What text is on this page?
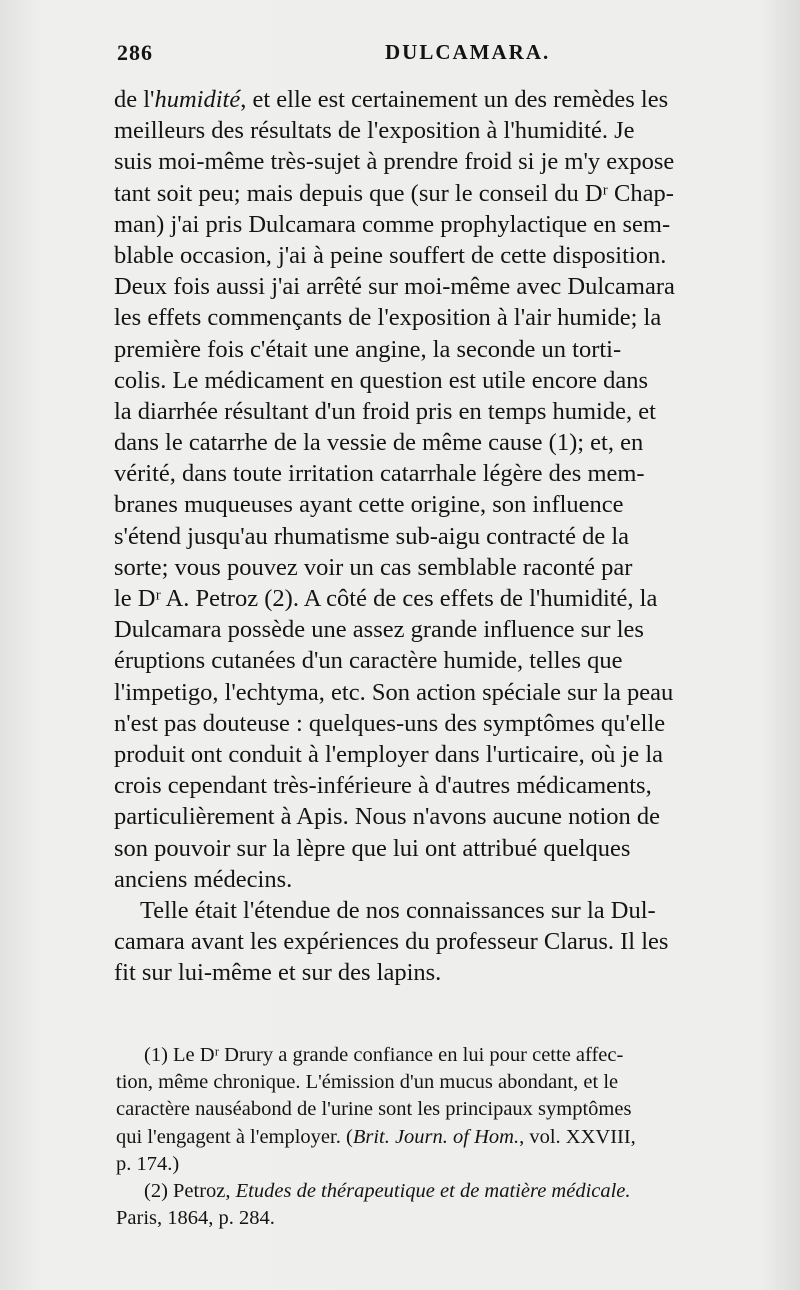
286	DULCAMARA.
de l'humidité, et elle est certainement un des remèdes les
meilleurs des résultats de l'exposition à l'humidité. Je
suis moi-même très-sujet à prendre froid si je m'y expose
tant soit peu; mais depuis que (sur le conseil du Dʳ Chap-
man) j'ai pris Dulcamara comme prophylactique en sem-
blable occasion, j'ai à peine souffert de cette disposition.
Deux fois aussi j'ai arrêté sur moi-même avec Dulcamara
les effets commençants de l'exposition à l'air humide; la
première fois c'était une angine, la seconde un torti-
colis. Le médicament en question est utile encore dans
la diarrhée résultant d'un froid pris en temps humide, et
dans le catarrhe de la vessie de même cause (1); et, en
vérité, dans toute irritation catarrhale légère des mem-
branes muqueuses ayant cette origine, son influence
s'étend jusqu'au rhumatisme sub-aigu contracté de la
sorte; vous pouvez voir un cas semblable raconté par
le Dʳ A. Petroz (2). A côté de ces effets de l'humidité, la
Dulcamara possède une assez grande influence sur les
éruptions cutanées d'un caractère humide, telles que
l'impetigo, l'echtyma, etc. Son action spéciale sur la peau
n'est pas douteuse : quelques-uns des symptômes qu'elle
produit ont conduit à l'employer dans l'urticaire, où je la
crois cependant très-inférieure à d'autres médicaments,
particulièrement à Apis. Nous n'avons aucune notion de
son pouvoir sur la lèpre que lui ont attribué quelques
anciens médecins.
Telle était l'étendue de nos connaissances sur la Dul-
camara avant les expériences du professeur Clarus. Il les
fit sur lui-même et sur des lapins.
(1) Le Dʳ Drury a grande confiance en lui pour cette affec-
tion, même chronique. L'émission d'un mucus abondant, et le
caractère nauséabond de l'urine sont les principaux symptômes
qui l'engagent à l'employer. (Brit. Journ. of Hom., vol. XXVIII,
p. 174.)
(2) Petroz, Etudes de thérapeutique et de matière médicale.
Paris, 1864, p. 284.
